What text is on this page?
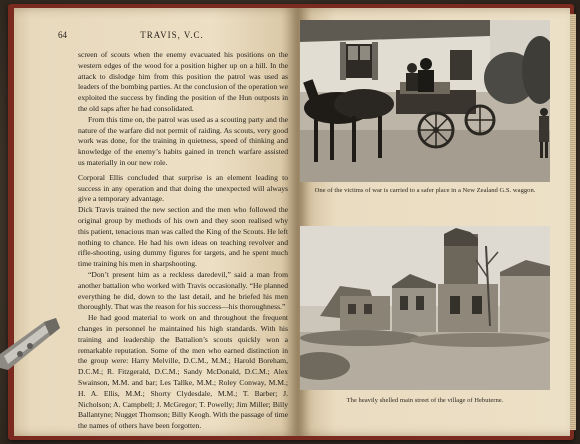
64	TRAVIS, V.C.

screen of scouts when the enemy evacuated his positions on the western edges of the wood for a position higher up on a hill. In the attack to dislodge him from this position the patrol was used as leaders of the bombing parties. At the conclusion of the operation we exploited the success by finding the position of the Hun outposts in the old saps after he had consolidated.

From this time on, the patrol was used as a scouting party and the nature of the warfare did not permit of raiding. As scouts, very good work was done, for the training in quietness, speed of thinking and knowledge of the enemy’s habits gained in trench warfare assisted us materially in our new role.

Corporal Ellis concluded that surprise is an element leading to success in any operation and that doing the unexpected will always give a temporary advantage.

Dick Travis trained the new section and the men who followed the original group by methods of his own and they soon realised why this patient, tenacious man was called the King of the Scouts. He left nothing to chance. He had his own ideas on teaching revolver and rifle-shooting, using dummy figures for targets, and he spent much time training his men in sharpshooting.

“Don’t present him as a reckless daredevil,” said a man from another battalion who worked with Travis occasionally. “He planned everything he did, down to the last detail, and he briefed his men thoroughly. That was the reason for his success—his thoroughness.”

He had good material to work on and throughout the frequent changes in personnel he maintained his high standards. With his training and leadership the Battalion’s scouts quickly won a remarkable reputation. Some of the men who earned distinction in the group were: Harry Melville, D.C.M., M.M.; Harold Boreham, D.C.M.; R. Fitzgerald, D.C.M.; Sandy McDonald, D.C.M.; Alex Swainson, M.M. and bar; Les Tallke, M.M.; Roley Conway, M.M.; H. A. Ellis, M.M.; Shorty Clydesdale, M.M.; T. Barber; J. Nicholson; A. Campbell; J. McGregor; T. Powelly; Jim Miller; Billy Ballantyne; Nugget Thomson; Billy Keogh. With the passage of time the names of others have been forgotten.

One of the victims of war is carried to a safer place in a New Zealand G.S. waggon.
The heavily shelled main street of the village of Hebuterne.
